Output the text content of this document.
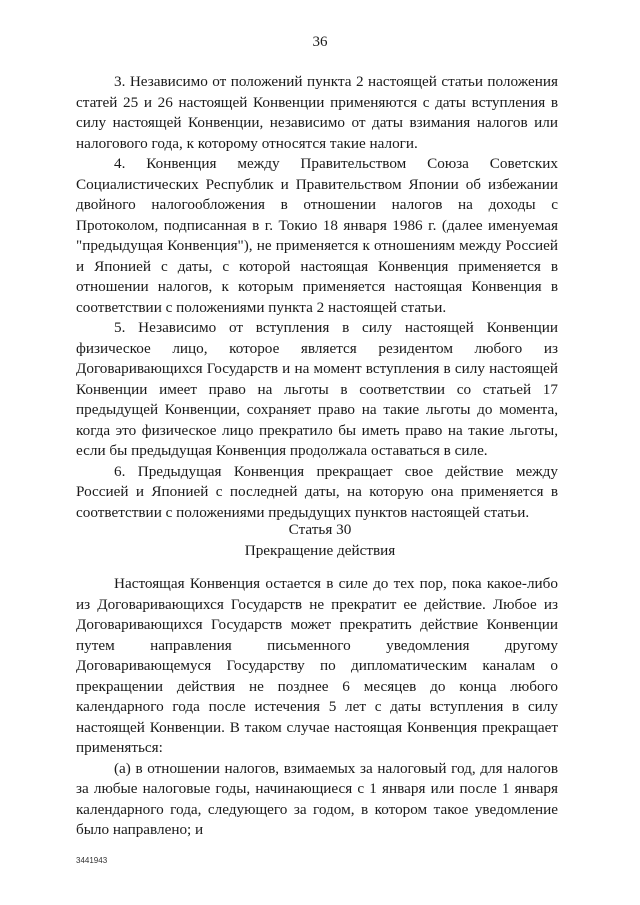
36

3. Независимо от положений пункта 2 настоящей статьи положения статей 25 и 26 настоящей Конвенции применяются с даты вступления в силу настоящей Конвенции, независимо от даты взимания налогов или налогового года, к которому относятся такие налоги.

4. Конвенция между Правительством Союза Советских Социалистических Республик и Правительством Японии об избежании двойного налогообложения в отношении налогов на доходы с Протоколом, подписанная в г. Токио 18 января 1986 г. (далее именуемая "предыдущая Конвенция"), не применяется к отношениям между Россией и Японией с даты, с которой настоящая Конвенция применяется в отношении налогов, к которым применяется настоящая Конвенция в соответствии с положениями пункта 2 настоящей статьи.

5. Независимо от вступления в силу настоящей Конвенции физическое лицо, которое является резидентом любого из Договаривающихся Государств и на момент вступления в силу настоящей Конвенции имеет право на льготы в соответствии со статьей 17 предыдущей Конвенции, сохраняет право на такие льготы до момента, когда это физическое лицо прекратило бы иметь право на такие льготы, если бы предыдущая Конвенция продолжала оставаться в силе.

6. Предыдущая Конвенция прекращает свое действие между Россией и Японией с последней даты, на которую она применяется в соответствии с положениями предыдущих пунктов настоящей статьи.

Статья 30
Прекращение действия

Настоящая Конвенция остается в силе до тех пор, пока какое-либо из Договаривающихся Государств не прекратит ее действие. Любое из Договаривающихся Государств может прекратить действие Конвенции путем направления письменного уведомления другому Договаривающемуся Государству по дипломатическим каналам о прекращении действия не позднее 6 месяцев до конца любого календарного года после истечения 5 лет с даты вступления в силу настоящей Конвенции. В таком случае настоящая Конвенция прекращает применяться:

(a) в отношении налогов, взимаемых за налоговый год, для налогов за любые налоговые годы, начинающиеся с 1 января или после 1 января календарного года, следующего за годом, в котором такое уведомление было направлено; и

3441943
